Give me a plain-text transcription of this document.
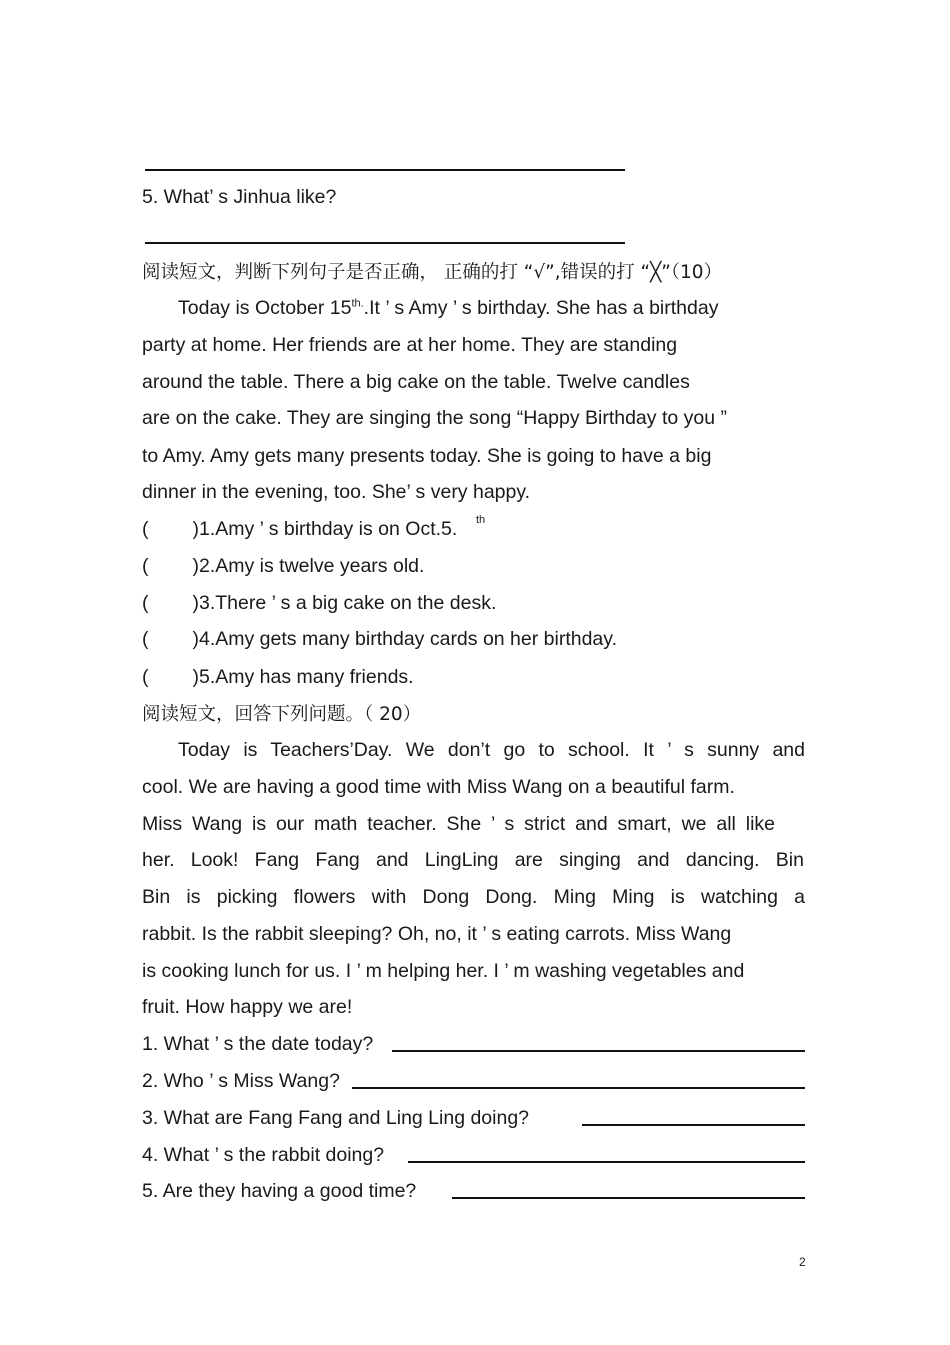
5. What’ s Jinhua like?
阅读短文，判断下列句子是否正确， 正确的打 “√”,错误的打 “╳”（10）
Today is October $15^{th.}.It$ ’ s Amy ’ s birthday. She has a birthday
party at home. Her friends are at her home. They are standing
around the table. There a big cake on the table. Twelve candles
are on the cake. They are singing the song “Happy Birthday to you ”
to Amy. Amy gets many presents today. She is going to have a big
dinner in the evening, too. She’ s very happy.
( )1.Amy ’ s birthday is on Oct.5.
( )2.Amy is twelve years old.
( )3.There ’ s a big cake on the desk.
( )4.Amy gets many birthday cards on her birthday.
( )5.Amy has many friends.
th
阅读短文，回答下列问题。（ 20）
Today is Teachers’Day. We don’t go to school. It ’ s sunny and
cool. We are having a good time with Miss Wang on a beautiful farm.
Miss Wang is our math teacher. She ’ s strict and smart, we all like
her. Look! Fang Fang and LingLing are singing and dancing. Bin
Bin is picking flowers with Dong Dong. Ming Ming is watching a
rabbit. Is the rabbit sleeping? Oh, no, it ’ s eating carrots. Miss Wang
is cooking lunch for us. I ’ m helping her. I ’ m washing vegetables and
fruit. How happy we are!
1. What ’ s the date today?
2. Who ’ s Miss Wang?
3. What are Fang Fang and Ling Ling doing?
4. What ’ s the rabbit doing?
5. Are they having a good time?
2
